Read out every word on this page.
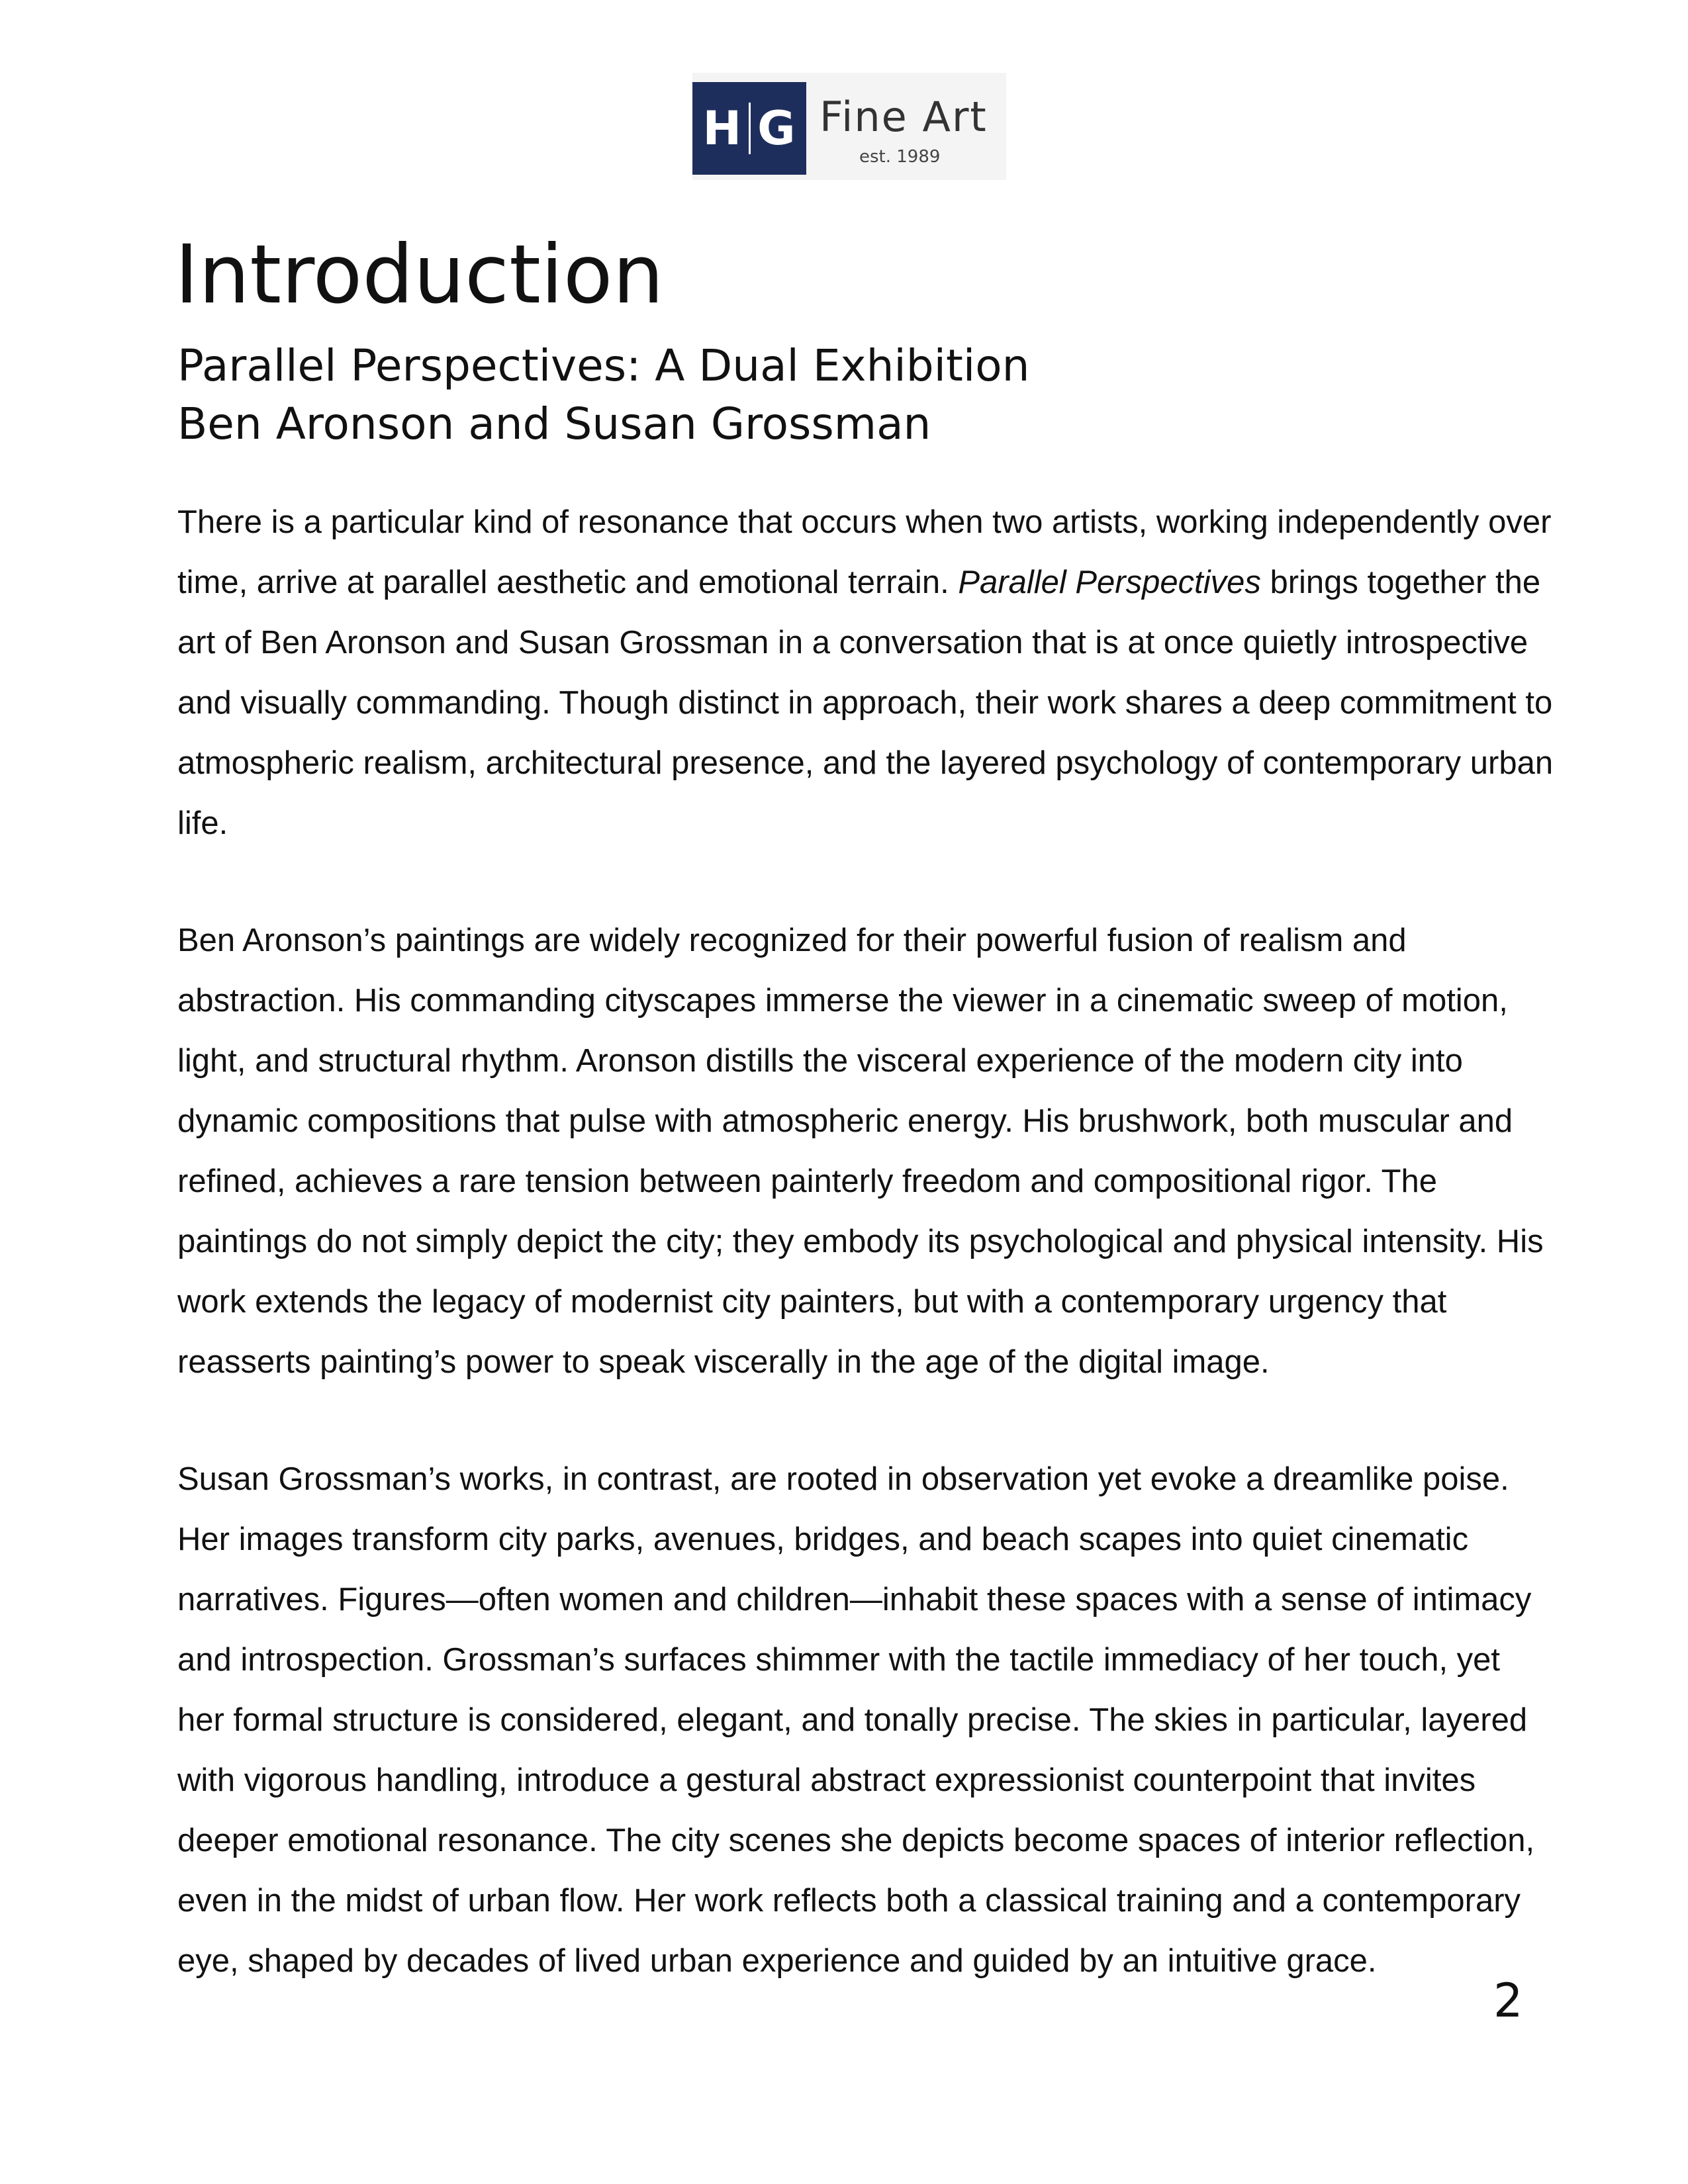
H G Fine Art
est. 1989
Introduction
Parallel Perspectives: A Dual Exhibition
Ben Aronson and Susan Grossman

There is a particular kind of resonance that occurs when two artists, working independently over time, arrive at parallel aesthetic and emotional terrain. Parallel Perspectives brings together the art of Ben Aronson and Susan Grossman in a conversation that is at once quietly introspective and visually commanding. Though distinct in approach, their work shares a deep commitment to atmospheric realism, architectural presence, and the layered psychology of contemporary urban life.

Ben Aronson’s paintings are widely recognized for their powerful fusion of realism and abstraction. His commanding cityscapes immerse the viewer in a cinematic sweep of motion, light, and structural rhythm. Aronson distills the visceral experience of the modern city into dynamic compositions that pulse with atmospheric energy. His brushwork, both muscular and refined, achieves a rare tension between painterly freedom and compositional rigor. The paintings do not simply depict the city; they embody its psychological and physical intensity. His work extends the legacy of modernist city painters, but with a contemporary urgency that reasserts painting’s power to speak viscerally in the age of the digital image.

Susan Grossman’s works, in contrast, are rooted in observation yet evoke a dreamlike poise. Her images transform city parks, avenues, bridges, and beach scapes into quiet cinematic narratives. Figures—often women and children—inhabit these spaces with a sense of intimacy and introspection. Grossman’s surfaces shimmer with the tactile immediacy of her touch, yet her formal structure is considered, elegant, and tonally precise. The skies in particular, layered with vigorous handling, introduce a gestural abstract expressionist counterpoint that invites deeper emotional resonance. The city scenes she depicts become spaces of interior reflection, even in the midst of urban flow. Her work reflects both a classical training and a contemporary eye, shaped by decades of lived urban experience and guided by an intuitive grace.

2
